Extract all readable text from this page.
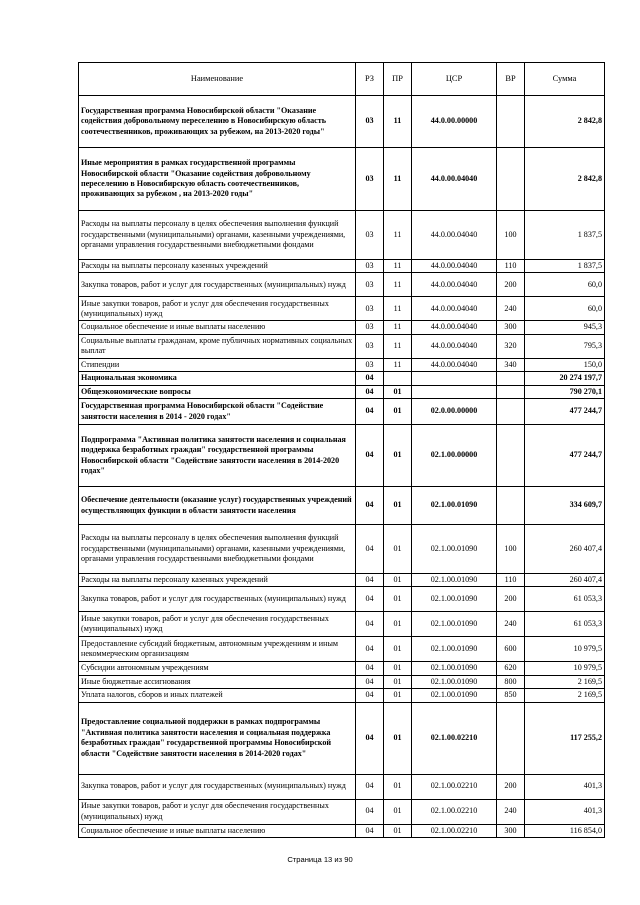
Наименование	РЗ	ПР	ЦСР	ВР	Сумма
Государственная программа Новосибирской области "Оказание содействия добровольному переселению в Новосибирскую область соотечественников, проживающих за рубежом, на 2013-2020 годы"	03	11	44.0.00.00000		2 842,8
Иные мероприятия в рамках государственной программы Новосибирской области "Оказание содействия добровольному переселению в Новосибирскую область соотечественников, проживающих за рубежом , на 2013-2020 годы"	03	11	44.0.00.04040		2 842,8
Расходы на выплаты персоналу в целях обеспечения выполнения функций государственными (муниципальными) органами, казенными учреждениями, органами управления государственными внебюджетными фондами	03	11	44.0.00.04040	100	1 837,5
Расходы на выплаты персоналу казенных учреждений	03	11	44.0.00.04040	110	1 837,5
Закупка товаров, работ и услуг для государственных (муниципальных) нужд	03	11	44.0.00.04040	200	60,0
Иные закупки товаров, работ и услуг для обеспечения государственных (муниципальных) нужд	03	11	44.0.00.04040	240	60,0
Социальное обеспечение и иные выплаты населению	03	11	44.0.00.04040	300	945,3
Социальные выплаты гражданам, кроме публичных нормативных социальных выплат	03	11	44.0.00.04040	320	795,3
Стипендии	03	11	44.0.00.04040	340	150,0
Национальная экономика	04				20 274 197,7
Общеэкономические вопросы	04	01			790 270,1
Государственная программа Новосибирской области "Содействие занятости населения в 2014 - 2020 годах"	04	01	02.0.00.00000		477 244,7
Подпрограмма "Активная политика занятости населения и социальная поддержка безработных граждан" государственной программы Новосибирской области "Содействие занятости населения в 2014-2020 годах"	04	01	02.1.00.00000		477 244,7
Обеспечение деятельности (оказание услуг) государственных учреждений осуществляющих функции в области занятости населения	04	01	02.1.00.01090		334 609,7
Расходы на выплаты персоналу в целях обеспечения выполнения функций государственными (муниципальными) органами, казенными учреждениями, органами управления государственными внебюджетными фондами	04	01	02.1.00.01090	100	260 407,4
Расходы на выплаты персоналу казенных учреждений	04	01	02.1.00.01090	110	260 407,4
Закупка товаров, работ и услуг для государственных (муниципальных) нужд	04	01	02.1.00.01090	200	61 053,3
Иные закупки товаров, работ и услуг для обеспечения государственных (муниципальных) нужд	04	01	02.1.00.01090	240	61 053,3
Предоставление субсидий бюджетным, автономным учреждениям и иным некоммерческим организациям	04	01	02.1.00.01090	600	10 979,5
Субсидии автономным учреждениям	04	01	02.1.00.01090	620	10 979,5
Иные бюджетные ассигнования	04	01	02.1.00.01090	800	2 169,5
Уплата налогов, сборов и иных платежей	04	01	02.1.00.01090	850	2 169,5
Предоставление социальной поддержки в рамках подпрограммы "Активная политика занятости населения и социальная поддержка безработных граждан" государственной программы Новосибирской области "Содействие занятости населения в 2014-2020 годах"	04	01	02.1.00.02210		117 255,2
Закупка товаров, работ и услуг для государственных (муниципальных) нужд	04	01	02.1.00.02210	200	401,3
Иные закупки товаров, работ и услуг для обеспечения государственных (муниципальных) нужд	04	01	02.1.00.02210	240	401,3
Социальное обеспечение и иные выплаты населению	04	01	02.1.00.02210	300	116 854,0
Страница 13 из 90
